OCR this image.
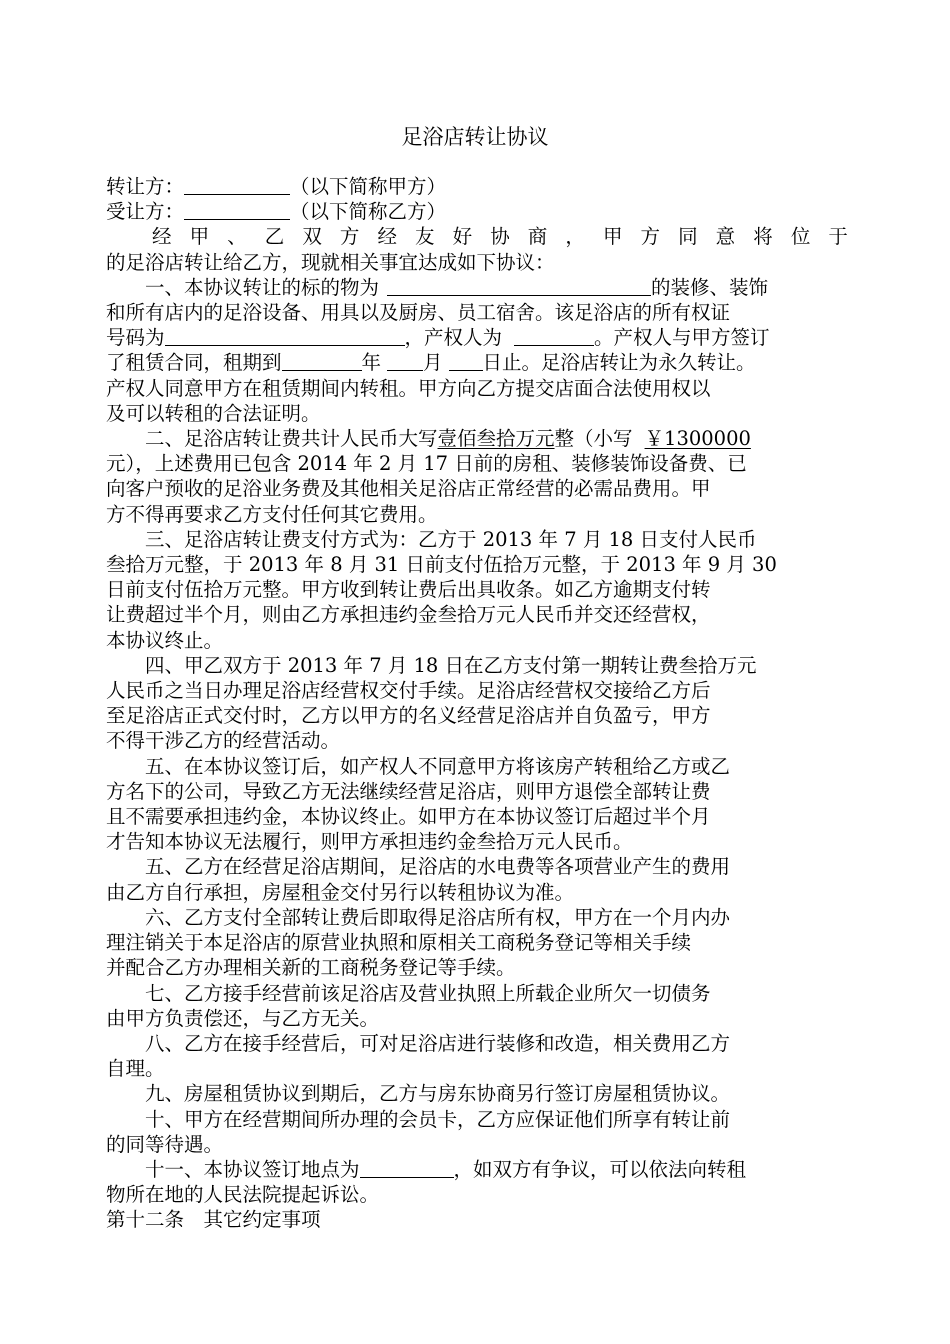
足浴店转让协议
转让方：	（以下简称甲方）
受让方：	（以下简称乙方）
经 甲 、 乙 双 方 经 友 好 协 商 ， 甲 方 同 意 将 位 于
的足浴店转让给乙方，现就相关事宜达成如下协议：
一、本协议转让的标的物为	的装修、装饰
和所有店内的足浴设备、用具以及厨房、员工宿舍。该足浴店的所有权证
号码为	，产权人为	。产权人与甲方签订
了租赁合同，租期到	年 月 日止。足浴店转让为永久转让。
产权人同意甲方在租赁期间内转租。甲方向乙方提交店面合法使用权以
及可以转租的合法证明。
二、足浴店转让费共计人民币大写壹佰叁拾万元整（小写 ￥1300000
元），上述费用已包含 2014 年 2 月 17 日前的房租、装修装饰设备费、已
向客户预收的足浴业务费及其他相关足浴店正常经营的必需品费用。甲
方不得再要求乙方支付任何其它费用。
三、足浴店转让费支付方式为：乙方于 2013 年 7 月 18 日支付人民币
叁拾万元整，于 2013 年 8 月 31 日前支付伍拾万元整，于 2013 年 9 月 30
日前支付伍拾万元整。甲方收到转让费后出具收条。如乙方逾期支付转
让费超过半个月，则由乙方承担违约金叁拾万元人民币并交还经营权，
本协议终止。
四、甲乙双方于 2013 年 7 月 18 日在乙方支付第一期转让费叁拾万元
人民币之当日办理足浴店经营权交付手续。足浴店经营权交接给乙方后
至足浴店正式交付时，乙方以甲方的名义经营足浴店并自负盈亏，甲方
不得干涉乙方的经营活动。
五、在本协议签订后，如产权人不同意甲方将该房产转租给乙方或乙
方名下的公司，导致乙方无法继续经营足浴店，则甲方退偿全部转让费
且不需要承担违约金，本协议终止。如甲方在本协议签订后超过半个月
才告知本协议无法履行，则甲方承担违约金叁拾万元人民币。
五、乙方在经营足浴店期间，足浴店的水电费等各项营业产生的费用
由乙方自行承担，房屋租金交付另行以转租协议为准。
六、乙方支付全部转让费后即取得足浴店所有权，甲方在一个月内办
理注销关于本足浴店的原营业执照和原相关工商税务登记等相关手续
并配合乙方办理相关新的工商税务登记等手续。
七、乙方接手经营前该足浴店及营业执照上所载企业所欠一切债务
由甲方负责偿还，与乙方无关。
八、乙方在接手经营后，可对足浴店进行装修和改造，相关费用乙方
自理。
九、房屋租赁协议到期后，乙方与房东协商另行签订房屋租赁协议。
十、甲方在经营期间所办理的会员卡，乙方应保证他们所享有转让前
的同等待遇。
十一、本协议签订地点为	，如双方有争议，可以依法向转租
物所在地的人民法院提起诉讼。
第十二条　其它约定事项
